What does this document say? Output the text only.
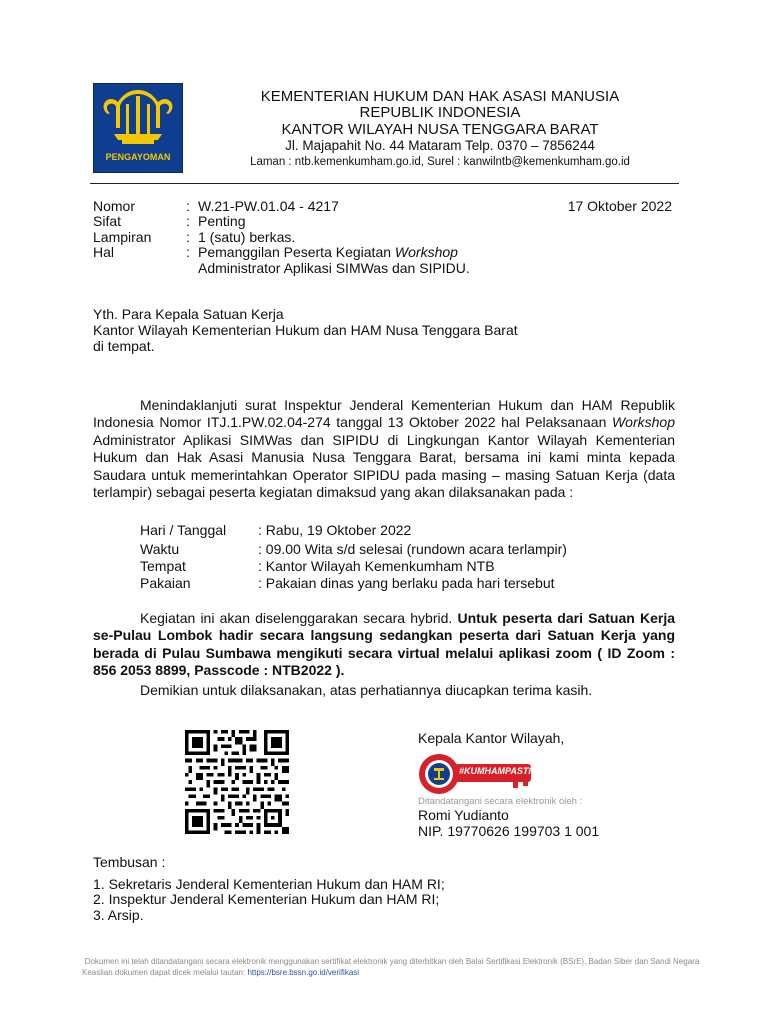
PENGAYOMAN
KEMENTERIAN HUKUM DAN HAK ASASI MANUSIA
REPUBLIK INDONESIA
KANTOR WILAYAH NUSA TENGGARA BARAT
Jl. Majapahit No. 44 Mataram Telp. 0370 – 7856244
Laman : ntb.kemenkumham.go.id, Surel : kanwilntb@kemenkumham.go.id
Nomor	: W.21-PW.01.04 - 4217	17 Oktober 2022
Sifat	: Penting
Lampiran : 1 (satu) berkas.
Hal	: Pemanggilan Peserta Kegiatan Workshop
Administrator Aplikasi SIMWas dan SIPIDU.
Yth. Para Kepala Satuan Kerja
Kantor Wilayah Kementerian Hukum dan HAM Nusa Tenggara Barat
di tempat.
Menindaklanjuti surat Inspektur Jenderal Kementerian Hukum dan HAM Republik Indonesia Nomor ITJ.1.PW.02.04-274 tanggal 13 Oktober 2022 hal Pelaksanaan Workshop Administrator Aplikasi SIMWas dan SIPIDU di Lingkungan Kantor Wilayah Kementerian Hukum dan Hak Asasi Manusia Nusa Tenggara Barat, bersama ini kami minta kepada Saudara untuk memerintahkan Operator SIPIDU pada masing – masing Satuan Kerja (data terlampir) sebagai peserta kegiatan dimaksud yang akan dilaksanakan pada :
Hari / Tanggal : Rabu, 19 Oktober 2022
Waktu	: 09.00 Wita s/d selesai (rundown acara terlampir)
Tempat	: Kantor Wilayah Kemenkumham NTB
Pakaian	: Pakaian dinas yang berlaku pada hari tersebut
Kegiatan ini akan diselenggarakan secara hybrid. Untuk peserta dari Satuan Kerja se-Pulau Lombok hadir secara langsung sedangkan peserta dari Satuan Kerja yang berada di Pulau Sumbawa mengikuti secara virtual melalui aplikasi zoom ( ID Zoom : 856 2053 8899, Passcode : NTB2022 ).
Demikian untuk dilaksanakan, atas perhatiannya diucapkan terima kasih.
Kepala Kantor Wilayah,
#KUMHAMPASTI
Ditandatangani secara elektronik oleh :
Romi Yudianto
NIP. 19770626 199703 1 001
Tembusan :
1. Sekretaris Jenderal Kementerian Hukum dan HAM RI;
2. Inspektur Jenderal Kementerian Hukum dan HAM RI;
3. Arsip.
Dokumen ini telah ditandatangani secara elektronik menggunakan sertifikat elektronik yang diterbitkan oleh Balai Sertifikasi Elektronik (BSrE), Badan Siber dan Sandi Negara
Keaslian dokumen dapat dicek melalui tautan: https://bsre.bssn.go.id/verifikasi
